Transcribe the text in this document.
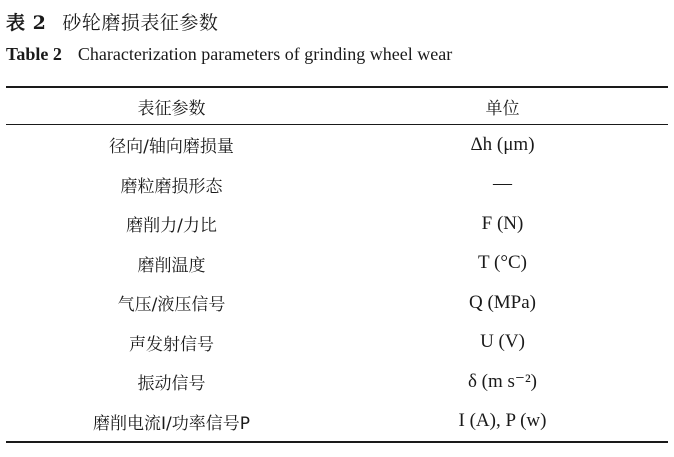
表 2 砂轮磨损表征参数
Table 2 Characterization parameters of grinding wheel wear
表征参数	单位
径向/轴向磨损量	Δh (μm)
磨粒磨损形态	—
磨削力/力比	F (N)
磨削温度	T (°C)
气压/液压信号	Q (MPa)
声发射信号	U (V)
振动信号	δ (m s⁻²)
磨削电流I/功率信号P	I (A), P (w)
